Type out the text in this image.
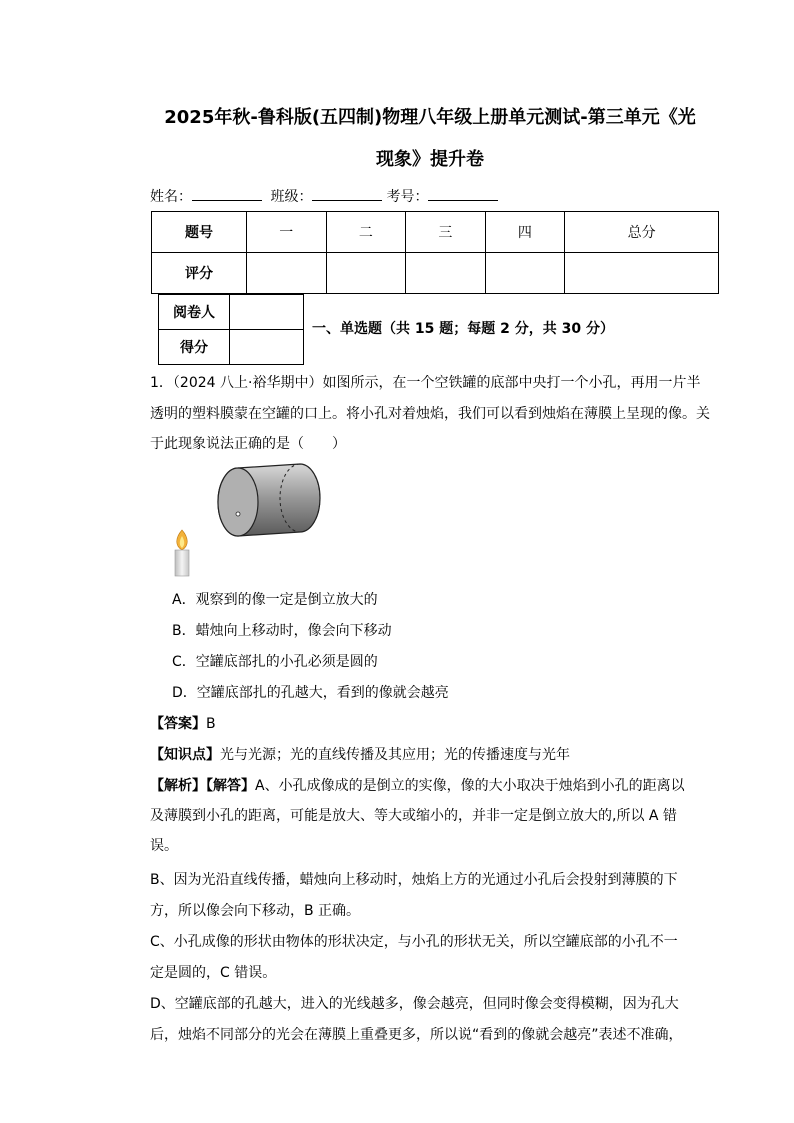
2025年秋-鲁科版(五四制)物理八年级上册单元测试-第三单元《光
现象》提升卷
姓名：	班级：	考号：
题号	一	二	三	四	总分
评分					
阅卷人	
得分	
一、单选题（共 15 题；每题 2 分，共 30 分）
1．（2024 八上·裕华期中）如图所示，在一个空铁罐的底部中央打一个小孔，再用一片半透明的塑料膜蒙在空罐的口上。将小孔对着烛焰，我们可以看到烛焰在薄膜上呈现的像。关于此现象说法正确的是（　　）
A．观察到的像一定是倒立放大的
B．蜡烛向上移动时，像会向下移动
C．空罐底部扎的小孔必须是圆的
D．空罐底部扎的孔越大，看到的像就会越亮
【答案】B
【知识点】光与光源；光的直线传播及其应用；光的传播速度与光年
【解析】【解答】A、小孔成像成的是倒立的实像，像的大小取决于烛焰到小孔的距离以
及薄膜到小孔的距离，可能是放大、等大或缩小的，并非一定是倒立放大的,所以 A 错
误。
B、因为光沿直线传播，蜡烛向上移动时，烛焰上方的光通过小孔后会投射到薄膜的下
方，所以像会向下移动，B 正确。
C、小孔成像的形状由物体的形状决定，与小孔的形状无关，所以空罐底部的小孔不一
定是圆的，C 错误。
D、空罐底部的孔越大，进入的光线越多，像会越亮，但同时像会变得模糊，因为孔大
后，烛焰不同部分的光会在薄膜上重叠更多，所以说“看到的像就会越亮”表述不准确，
